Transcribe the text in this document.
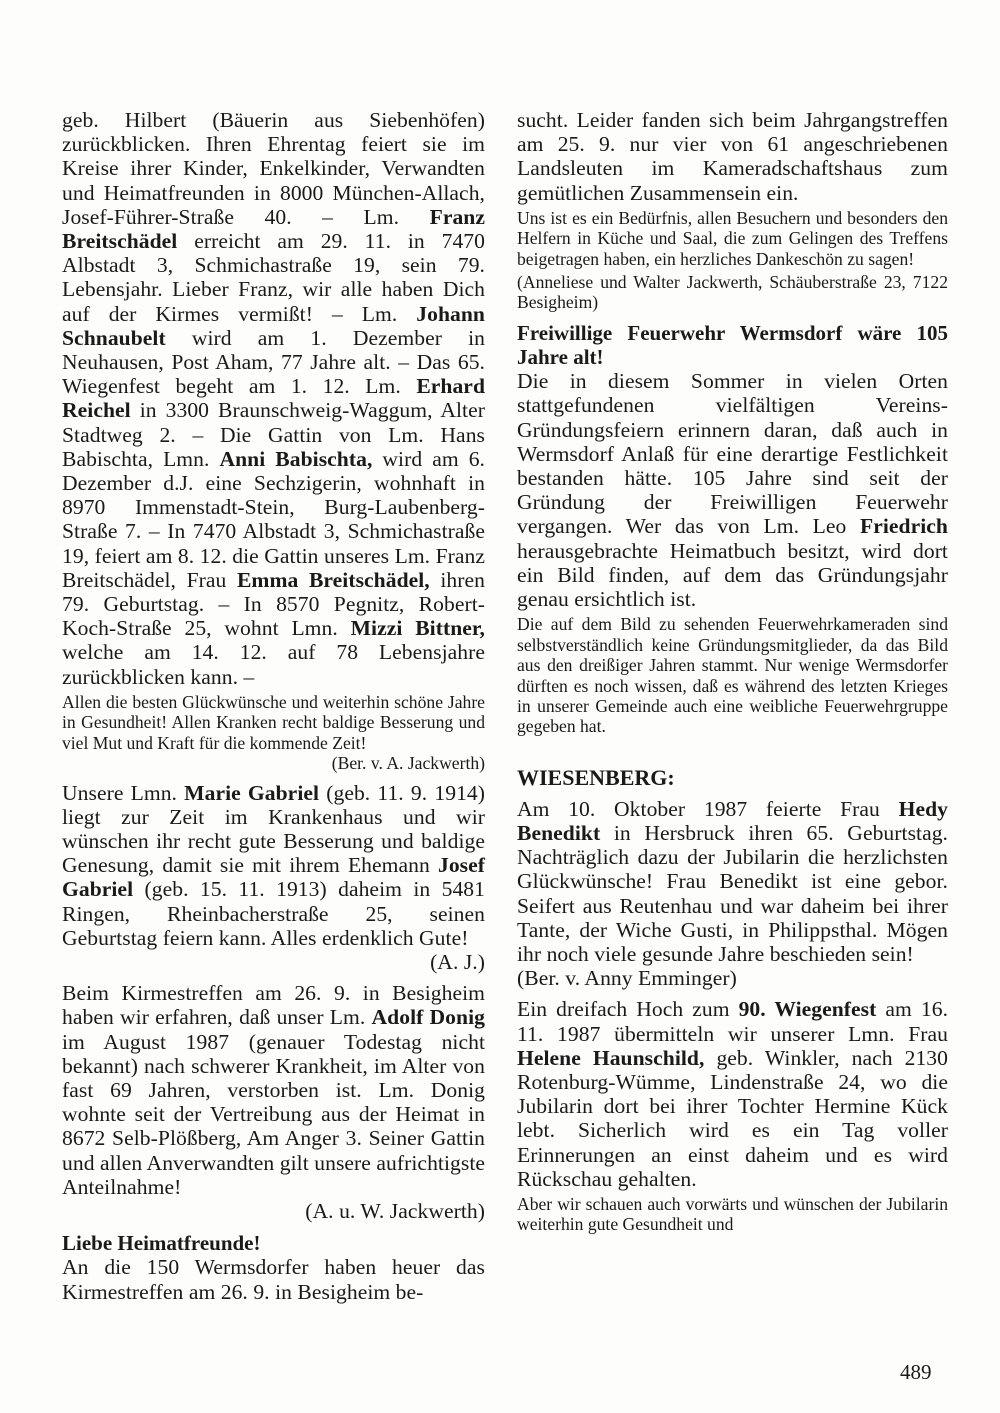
geb. Hilbert (Bäuerin aus Siebenhöfen) zurückblicken. Ihren Ehrentag feiert sie im Kreise ihrer Kinder, Enkelkinder, Verwandten und Heimatfreunden in 8000 München-Allach, Josef-Führer-Straße 40. – Lm. Franz Breitschädel erreicht am 29. 11. in 7470 Albstadt 3, Schmichastraße 19, sein 79. Lebensjahr. Lieber Franz, wir alle haben Dich auf der Kirmes vermißt! – Lm. Johann Schnaubelt wird am 1. Dezember in Neuhausen, Post Aham, 77 Jahre alt. – Das 65. Wiegenfest begeht am 1. 12. Lm. Erhard Reichel in 3300 Braunschweig-Waggum, Alter Stadtweg 2. – Die Gattin von Lm. Hans Babischta, Lmn. Anni Babischta, wird am 6. Dezember d.J. eine Sechzigerin, wohnhaft in 8970 Immenstadt-Stein, Burg-Laubenberg-Straße 7. – In 7470 Albstadt 3, Schmichastraße 19, feiert am 8. 12. die Gattin unseres Lm. Franz Breitschädel, Frau Emma Breitschädel, ihren 79. Geburtstag. – In 8570 Pegnitz, Robert-Koch-Straße 25, wohnt Lmn. Mizzi Bittner, welche am 14. 12. auf 78 Lebensjahre zurückblicken kann. –

Allen die besten Glückwünsche und weiterhin schöne Jahre in Gesundheit! Allen Kranken recht baldige Besserung und viel Mut und Kraft für die kommende Zeit!
(Ber. v. A. Jackwerth)

Unsere Lmn. Marie Gabriel (geb. 11. 9. 1914) liegt zur Zeit im Krankenhaus und wir wünschen ihr recht gute Besserung und baldige Genesung, damit sie mit ihrem Ehemann Josef Gabriel (geb. 15. 11. 1913) daheim in 5481 Ringen, Rheinbacherstraße 25, seinen Geburtstag feiern kann. Alles erdenklich Gute!
(A. J.)

Beim Kirmestreffen am 26. 9. in Besigheim haben wir erfahren, daß unser Lm. Adolf Donig im August 1987 (genauer Todestag nicht bekannt) nach schwerer Krankheit, im Alter von fast 69 Jahren, verstorben ist. Lm. Donig wohnte seit der Vertreibung aus der Heimat in 8672 Selb-Plößberg, Am Anger 3. Seiner Gattin und allen Anverwandten gilt unsere aufrichtigste Anteilnahme!

(A. u. W. Jackwerth)

Liebe Heimatfreunde!

An die 150 Wermsdorfer haben heuer das Kirmestreffen am 26. 9. in Besigheim be-

sucht. Leider fanden sich beim Jahrgangstreffen am 25. 9. nur vier von 61 angeschriebenen Landsleuten im Kameradschaftshaus zum gemütlichen Zusammensein ein.

Uns ist es ein Bedürfnis, allen Besuchern und besonders den Helfern in Küche und Saal, die zum Gelingen des Treffens beigetragen haben, ein herzliches Dankeschön zu sagen!

(Anneliese und Walter Jackwerth, Schäuberstraße 23, 7122 Besigheim)

Freiwillige Feuerwehr Wermsdorf wäre 105 Jahre alt!

Die in diesem Sommer in vielen Orten stattgefundenen vielfältigen Vereins-Gründungsfeiern erinnern daran, daß auch in Wermsdorf Anlaß für eine derartige Festlichkeit bestanden hätte. 105 Jahre sind seit der Gründung der Freiwilligen Feuerwehr vergangen. Wer das von Lm. Leo Friedrich herausgebrachte Heimatbuch besitzt, wird dort ein Bild finden, auf dem das Gründungsjahr genau ersichtlich ist.

Die auf dem Bild zu sehenden Feuerwehrkameraden sind selbstverständlich keine Gründungsmitglieder, da das Bild aus den dreißiger Jahren stammt. Nur wenige Wermsdorfer dürften es noch wissen, daß es während des letzten Krieges in unserer Gemeinde auch eine weibliche Feuerwehrgruppe gegeben hat.

WIESENBERG:

Am 10. Oktober 1987 feierte Frau Hedy Benedikt in Hersbruck ihren 65. Geburtstag. Nachträglich dazu der Jubilarin die herzlichsten Glückwünsche! Frau Benedikt ist eine gebor. Seifert aus Reutenhau und war daheim bei ihrer Tante, der Wiche Gusti, in Philippsthal. Mögen ihr noch viele gesunde Jahre beschieden sein!

(Ber. v. Anny Emminger)

Ein dreifach Hoch zum 90. Wiegenfest am 16. 11. 1987 übermitteln wir unserer Lmn. Frau Helene Haunschild, geb. Winkler, nach 2130 Rotenburg-Wümme, Lindenstraße 24, wo die Jubilarin dort bei ihrer Tochter Hermine Kück lebt. Sicherlich wird es ein Tag voller Erinnerungen an einst daheim und es wird Rückschau gehalten.

Aber wir schauen auch vorwärts und wünschen der Jubilarin weiterhin gute Gesundheit und

489
